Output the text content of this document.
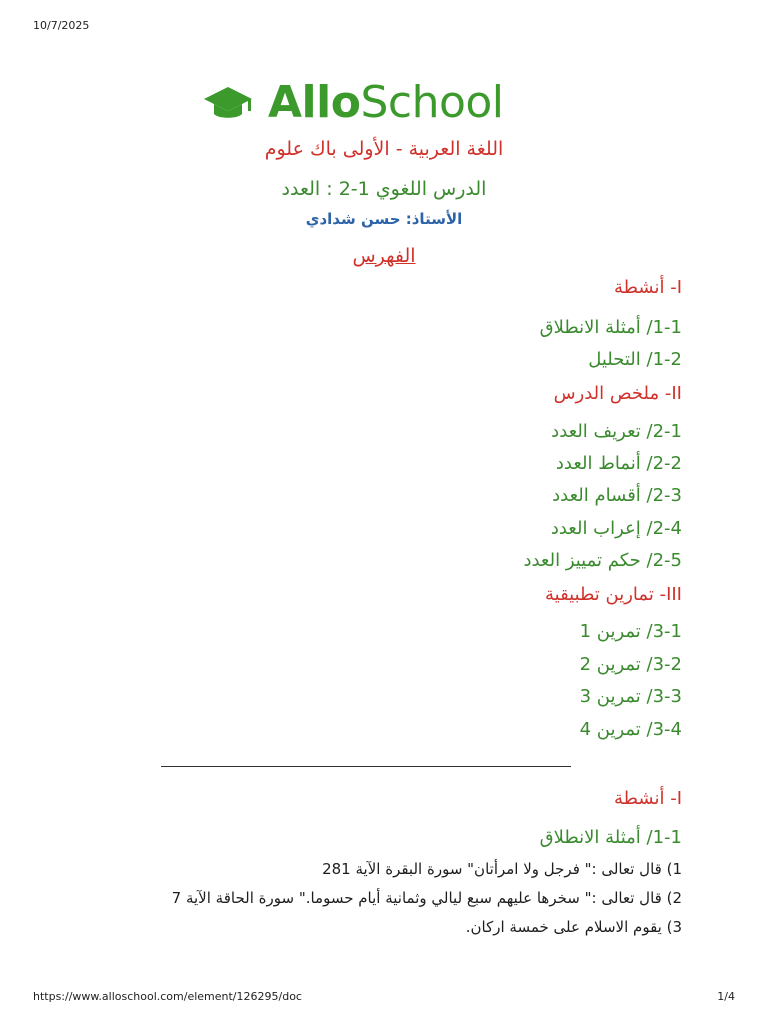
10/7/2025
AlloSchool
اللغة العربية - الأولى باك علوم
الدرس اللغوي 1-2 : العدد
الأستاذ: حسن شدادي
الفهرس
I- أنشطة
1-1/ أمثلة الانطلاق
1-2/ التحليل
II- ملخص الدرس
2-1/ تعريف العدد
2-2/ أنماط العدد
2-3/ أقسام العدد
2-4/ إعراب العدد
2-5/ حكم تمييز العدد
III- تمارين تطبيقية
3-1/ تمرين 1
3-2/ تمرين 2
3-3/ تمرين 3
3-4/ تمرين 4
I- أنشطة
1-1/ أمثلة الانطلاق
1) قال تعالى :" فرجل ولا امرأتان" سورة البقرة الآية 281
2) قال تعالى :" سخرها عليهم سبع ليالي وثمانية أيام حسوما." سورة الحاقة الآية 7
3) يقوم الاسلام على خمسة اركان.
https://www.alloschool.com/element/126295/doc	1/4
